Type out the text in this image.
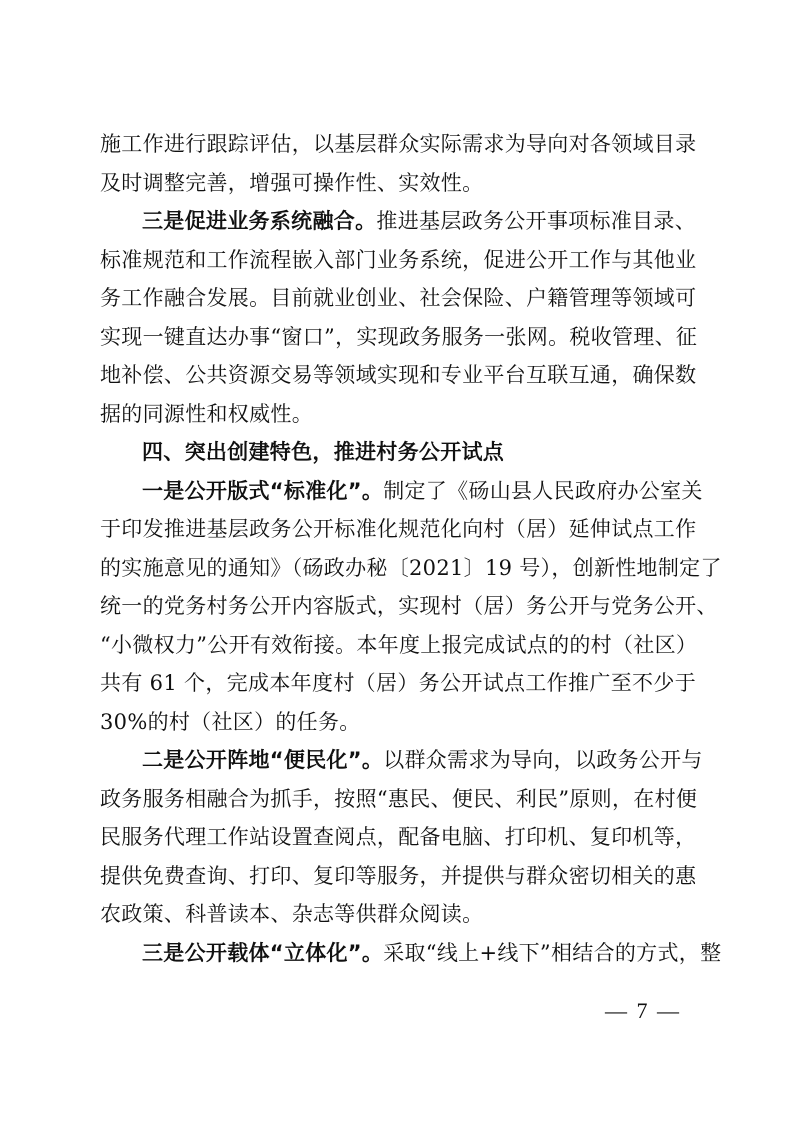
施工作进行跟踪评估，以基层群众实际需求为导向对各领域目录
及时调整完善，增强可操作性、实效性。
三是促进业务系统融合。推进基层政务公开事项标准目录、
标准规范和工作流程嵌入部门业务系统，促进公开工作与其他业
务工作融合发展。目前就业创业、社会保险、户籍管理等领域可
实现一键直达办事“窗口”，实现政务服务一张网。税收管理、征
地补偿、公共资源交易等领域实现和专业平台互联互通，确保数
据的同源性和权威性。
四、突出创建特色，推进村务公开试点
一是公开版式“标准化”。制定了《砀山县人民政府办公室关
于印发推进基层政务公开标准化规范化向村（居）延伸试点工作
的实施意见的通知》（砀政办秘〔2021〕19 号），创新性地制定了
统一的党务村务公开内容版式，实现村（居）务公开与党务公开、
“小微权力”公开有效衔接。本年度上报完成试点的的村（社区）
共有 61 个，完成本年度村（居）务公开试点工作推广至不少于
30%的村（社区）的任务。
二是公开阵地“便民化”。以群众需求为导向，以政务公开与
政务服务相融合为抓手，按照“惠民、便民、利民”原则，在村便
民服务代理工作站设置查阅点，配备电脑、打印机、复印机等，
提供免费查询、打印、复印等服务，并提供与群众密切相关的惠
农政策、科普读本、杂志等供群众阅读。
三是公开载体“立体化”。采取“线上+线下”相结合的方式，整
— 7 —
